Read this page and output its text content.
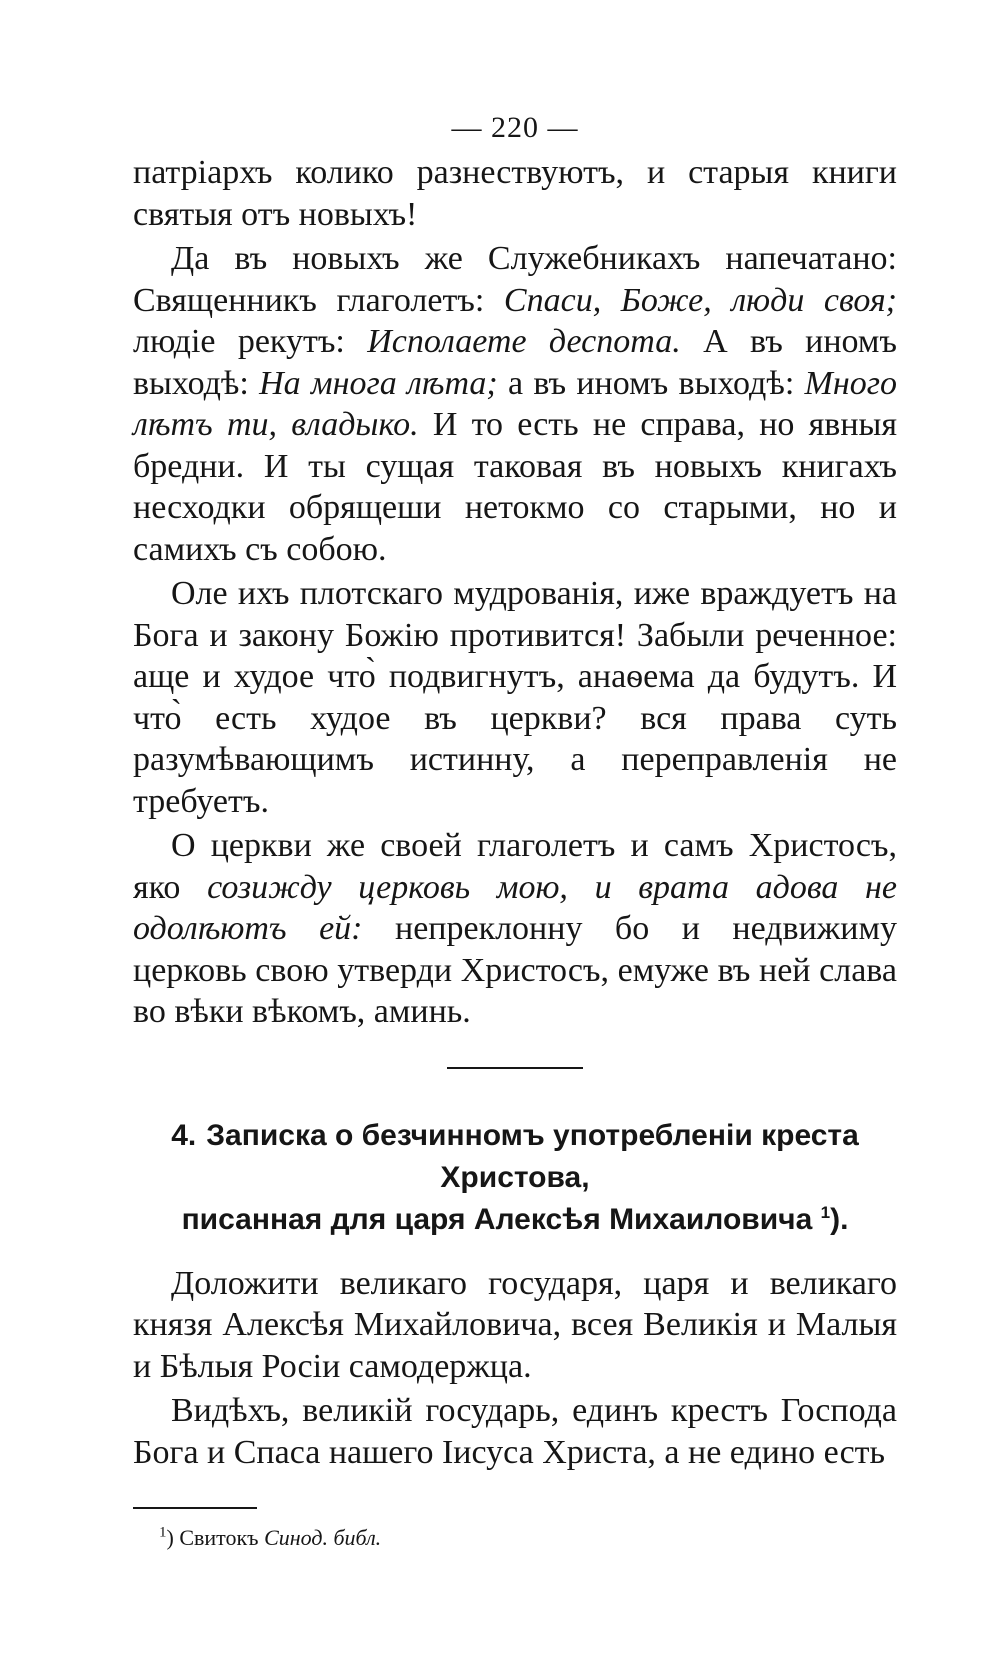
— 220 —

патріархъ колико разнествуютъ, и старыя книги святыя отъ новыхъ!

Да въ новыхъ же Служебникахъ напечатано: Священникъ глаголетъ: Спаси, Боже, люди своя; людіе рекутъ: Исполаете деспота. А въ иномъ выходѣ: На многа лѣта; а въ иномъ выходѣ: Много лѣтъ ти, владыко. И то есть не справа, но явныя бредни. И ты сущая таковая въ новыхъ книгахъ несходки обрящеши нетокмо со старыми, но и самихъ съ собою.

Оле ихъ плотскаго мудрованія, иже враждуетъ на Бога и закону Божію противится! Забыли реченное: аще и худое что̀ подвигнутъ, анаѳема да будутъ. И что̀ есть худое въ церкви? вся права суть разумѣвающимъ истинну, а переправленія не требуетъ.

О церкви же своей глаголетъ и самъ Христосъ, яко созижду церковь мою, и врата адова не одолѣютъ ей: непреклонну бо и недвижиму церковь свою утверди Христосъ, емуже въ ней слава во вѣки вѣкомъ, аминь.

4. Записка о безчинномъ употребленіи креста Христова,
писанная для царя Алексѣя Михаиловича $^1$).

Доложити великаго государя, царя и великаго князя Алексѣя Михайловича, всея Великія и Малыя и Бѣлыя Росіи самодержца.

Видѣхъ, великій государь, единъ крестъ Господа Бога и Спаса нашего Іисуса Христа, а не едино есть

$^1$) Свитокъ Синод. библ.
